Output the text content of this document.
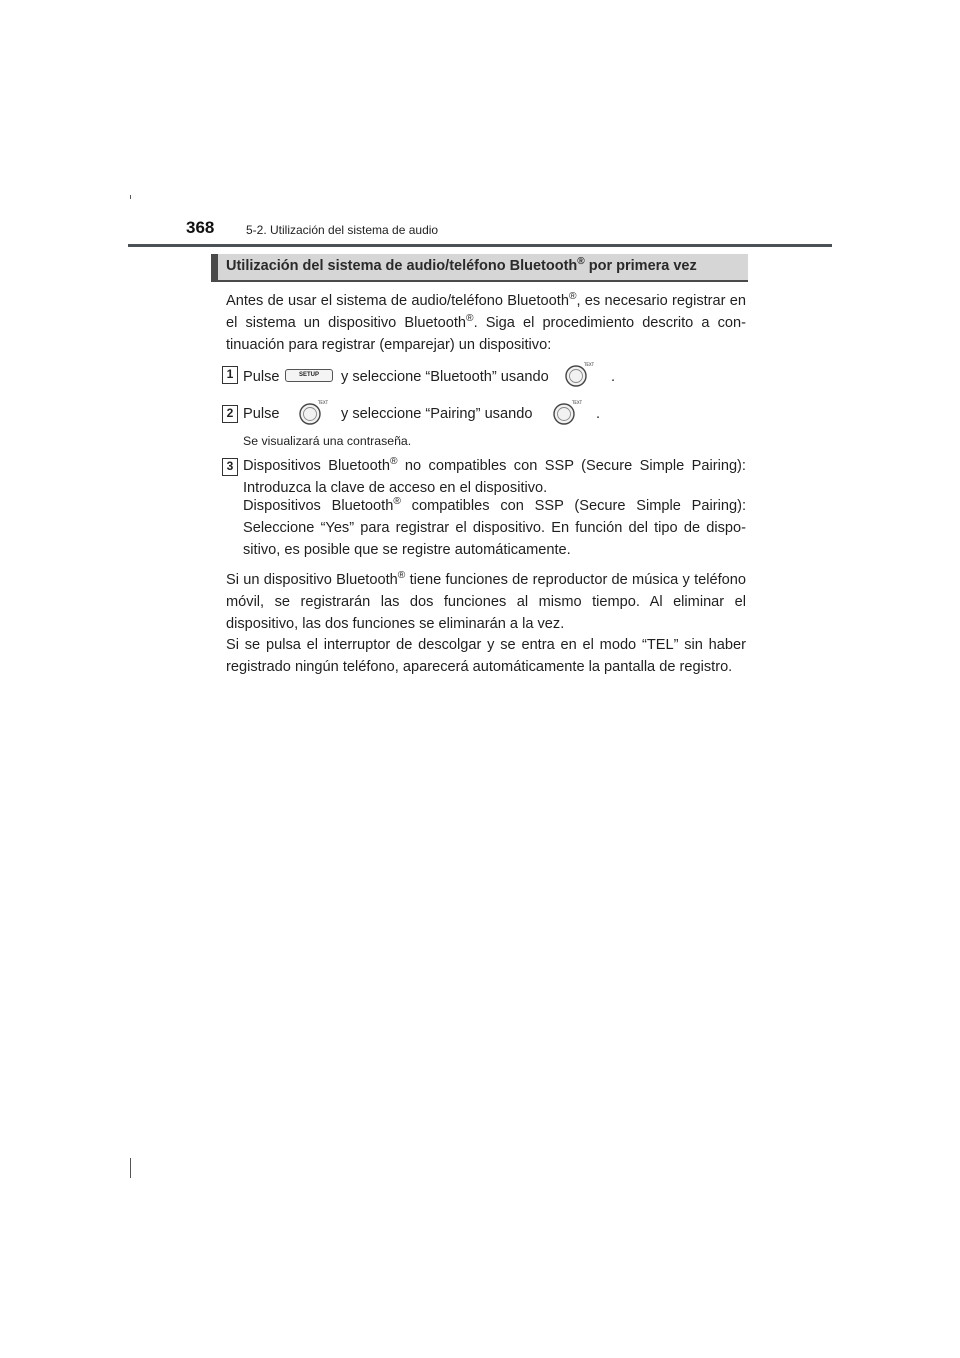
368	5-2. Utilización del sistema de audio
Utilización del sistema de audio/teléfono Bluetooth® por primera vez
Antes de usar el sistema de audio/teléfono Bluetooth®, es necesario registrar en el sistema un dispositivo Bluetooth®. Siga el procedimiento descrito a continuación para registrar (emparejar) un dispositivo:
1 Pulse	SETUP	y seleccione “Bluetooth” usando
TEXT
.
2 Pulse
TEXT
y seleccione “Pairing” usando
TEXT
.
Se visualizará una contraseña.
3 Dispositivos Bluetooth® no compatibles con SSP (Secure Simple Pairing): Introduzca la clave de acceso en el dispositivo.
Dispositivos Bluetooth® compatibles con SSP (Secure Simple Pairing): Seleccione “Yes” para registrar el dispositivo. En función del tipo de dispositivo, es posible que se registre automáticamente.
Si un dispositivo Bluetooth® tiene funciones de reproductor de música y teléfono móvil, se registrarán las dos funciones al mismo tiempo. Al eliminar el dispositivo, las dos funciones se eliminarán a la vez.
Si se pulsa el interruptor de descolgar y se entra en el modo “TEL” sin haber registrado ningún teléfono, aparecerá automáticamente la pantalla de registro.
